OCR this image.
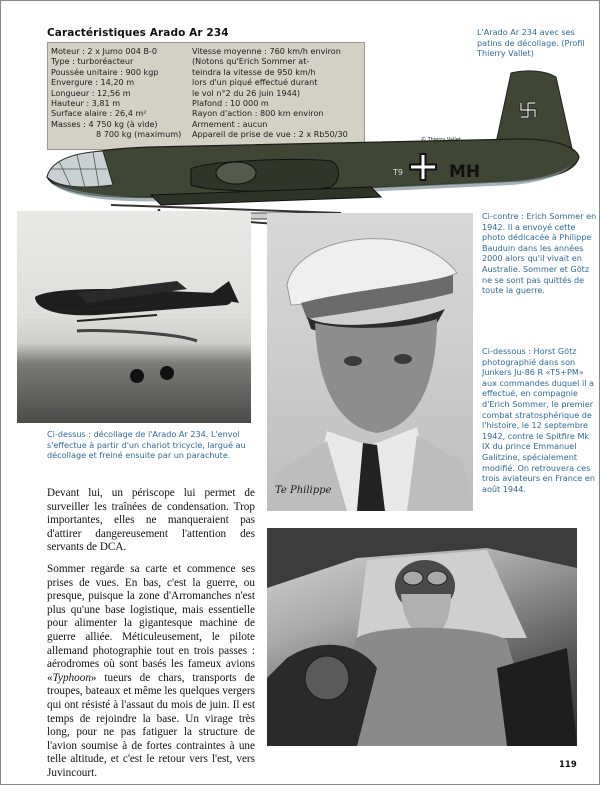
Caractéristiques Arado Ar 234
Moteur : 2 x Jumo 004 B-0
Type : turboréacteur
Poussée unitaire : 900 kgp
Envergure : 14,20 m
Longueur : 12,56 m
Hauteur : 3,81 m
Surface alaire : 26,4 m²
Masses : 4 750 kg (à vide)
8 700 kg (maximum)
Vitesse moyenne : 760 km/h environ
(Notons qu'Erich Sommer at-
teindra la vitesse de 950 km/h
lors d'un piqué effectué durant
le vol n°2 du 26 juin 1944)
Plafond : 10 000 m
Rayon d'action : 800 km environ
Armement : aucun
Appareil de prise de vue : 2 x Rb50/30
L'Arado Ar 234 avec ses patins de décollage. (Profil Thierry Vallet)
MH
T9
© Thierry Vallet
Te Philippe
Ci-contre : Erich Sommer en 1942. Il a envoyé cette photo dédicacée à Philippe Bauduin dans les années 2000 alors qu'il vivait en Australie. Sommer et Götz ne se sont pas quittés de toute la guerre.
Ci-dessous : Horst Götz photographié dans son Junkers Ju-86 R «T5+PM» aux commandes duquel il a effectué, en compagnie d'Erich Sommer, le premier combat stratosphérique de l'histoire, le 12 septembre 1942, contre le Spitfire Mk IX du prince Emmanuel Galitzine, spécialement modifié. On retrouvera ces trois aviateurs en France en août 1944.
Ci-dessus : décollage de l'Arado Ar 234. L'envol s'effectue à partir d'un chariot tricycle, largué au décollage et freiné ensuite par un parachute.

Devant lui, un périscope lui permet de surveiller les traînées de condensation. Trop importantes, elles ne manqueraient pas d'attirer dangereusement l'attention des servants de DCA.

Sommer regarde sa carte et commence ses prises de vues. En bas, c'est la guerre, ou presque, puisque la zone d'Arromanches n'est plus qu'une base logistique, mais essentielle pour alimenter la gigantesque machine de guerre alliée. Méticuleusement, le pilote allemand photographie tout en trois passes : aérodromes où sont basés les fameux avions «Typhoon» tueurs de chars, transports de troupes, bateaux et même les quelques vergers qui ont résisté à l'assaut du mois de juin. Il est temps de rejoindre la base. Un virage très long, pour ne pas fatiguer la structure de l'avion soumise à de fortes contraintes à une telle altitude, et c'est le retour vers l'est, vers Juvincourt.

119
